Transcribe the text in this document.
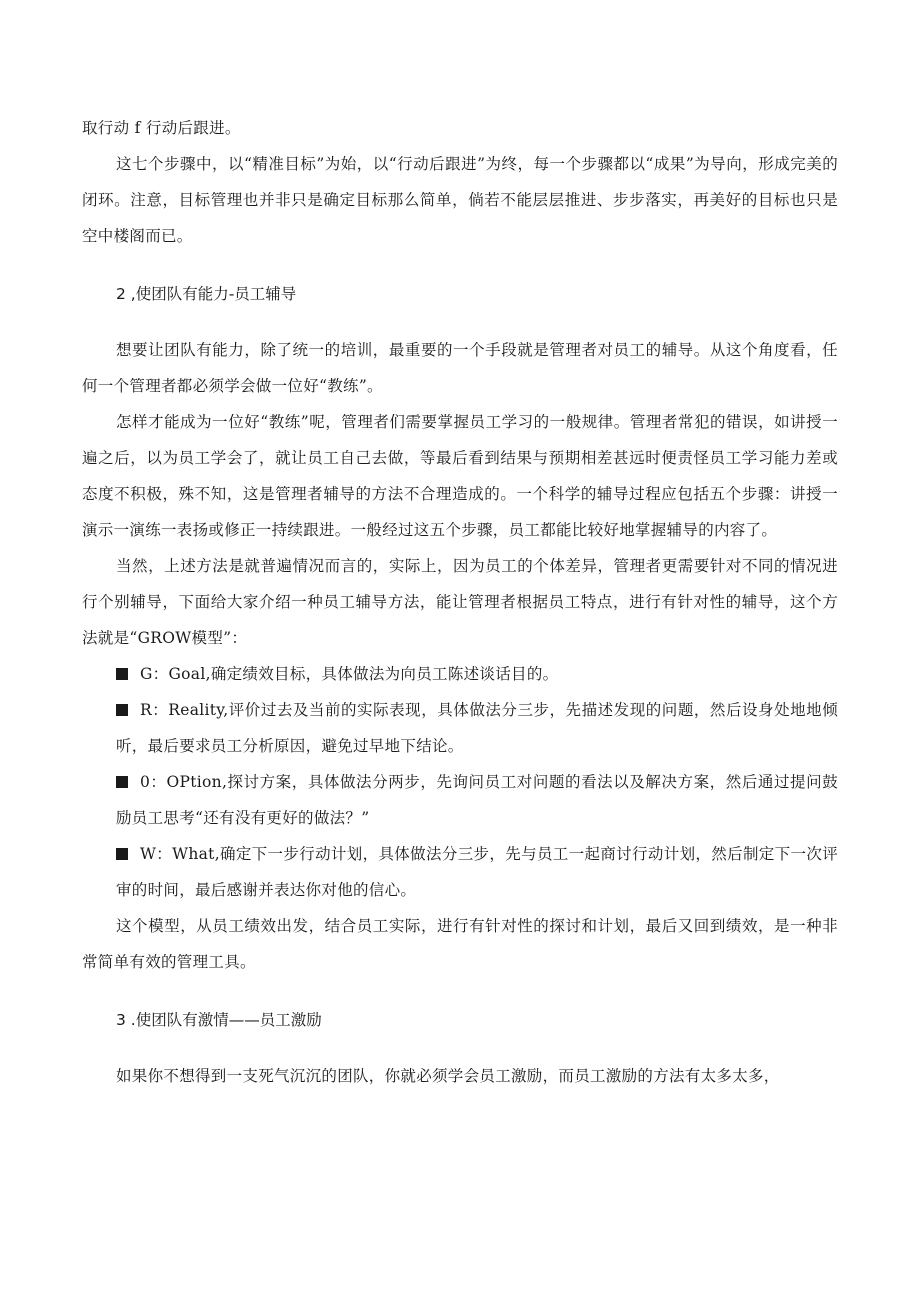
取行动 f 行动后跟进。

这七个步骤中，以“精准目标”为始，以“行动后跟进”为终，每一个步骤都以“成果”为导向，形成完美的闭环。注意，目标管理也并非只是确定目标那么简单，倘若不能层层推进、步步落实，再美好的目标也只是空中楼阁而已。

2 ,使团队有能力-员工辅导

想要让团队有能力，除了统一的培训，最重要的一个手段就是管理者对员工的辅导。从这个角度看，任何一个管理者都必须学会做一位好“教练”。

怎样才能成为一位好“教练”呢，管理者们需要掌握员工学习的一般规律。管理者常犯的错误，如讲授一遍之后，以为员工学会了，就让员工自己去做，等最后看到结果与预期相差甚远时便责怪员工学习能力差或态度不积极，殊不知，这是管理者辅导的方法不合理造成的。一个科学的辅导过程应包括五个步骤：讲授一演示一演练一表扬或修正一持续跟进。一般经过这五个步骤，员工都能比较好地掌握辅导的内容了。

当然，上述方法是就普遍情况而言的，实际上，因为员工的个体差异，管理者更需要针对不同的情况进行个别辅导，下面给大家介绍一种员工辅导方法，能让管理者根据员工特点，进行有针对性的辅导，这个方法就是“GROW模型”：

G：Goal,确定绩效目标，具体做法为向员工陈述谈话目的。

R：Reality,评价过去及当前的实际表现，具体做法分三步，先描述发现的问题，然后设身处地地倾听，最后要求员工分析原因，避免过早地下结论。

0：OPtion,探讨方案，具体做法分两步，先询问员工对问题的看法以及解决方案，然后通过提问鼓励员工思考“还有没有更好的做法？”

W：What,确定下一步行动计划，具体做法分三步，先与员工一起商讨行动计划，然后制定下一次评审的时间，最后感谢并表达你对他的信心。

这个模型，从员工绩效出发，结合员工实际，进行有针对性的探讨和计划，最后又回到绩效，是一种非常简单有效的管理工具。

3 .使团队有激情——员工激励

如果你不想得到一支死气沉沉的团队，你就必须学会员工激励，而员工激励的方法有太多太多，
